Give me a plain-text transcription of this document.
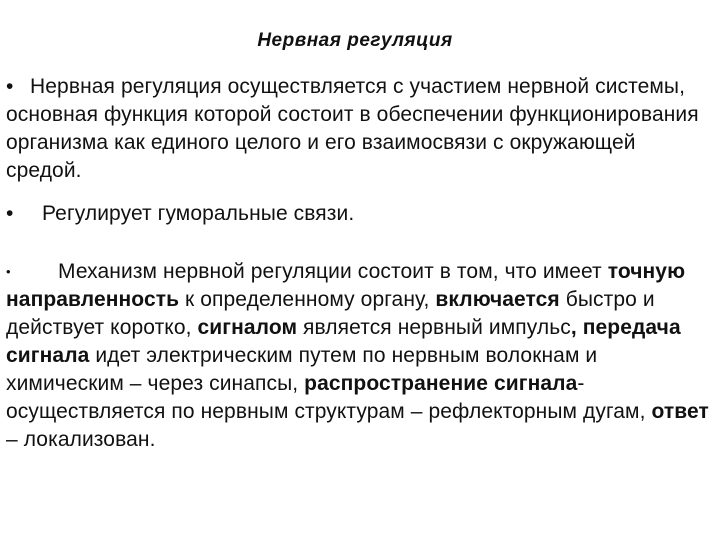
Нервная регуляция
• Нервная регуляция осуществляется с участием нервной системы, основная функция которой состоит в обеспечении функционирования организма как единого целого и его взаимосвязи с окружающей средой.
• Регулирует гуморальные связи.
• Механизм нервной регуляции состоит в том, что имеет точную направленность к определенному органу, включается быстро и действует коротко, сигналом является нервный импульс, передача сигнала идет электрическим путем по нервным волокнам и химическим – через синапсы, распространение сигнала- осуществляется по нервным структурам – рефлекторным дугам, ответ – локализован.
